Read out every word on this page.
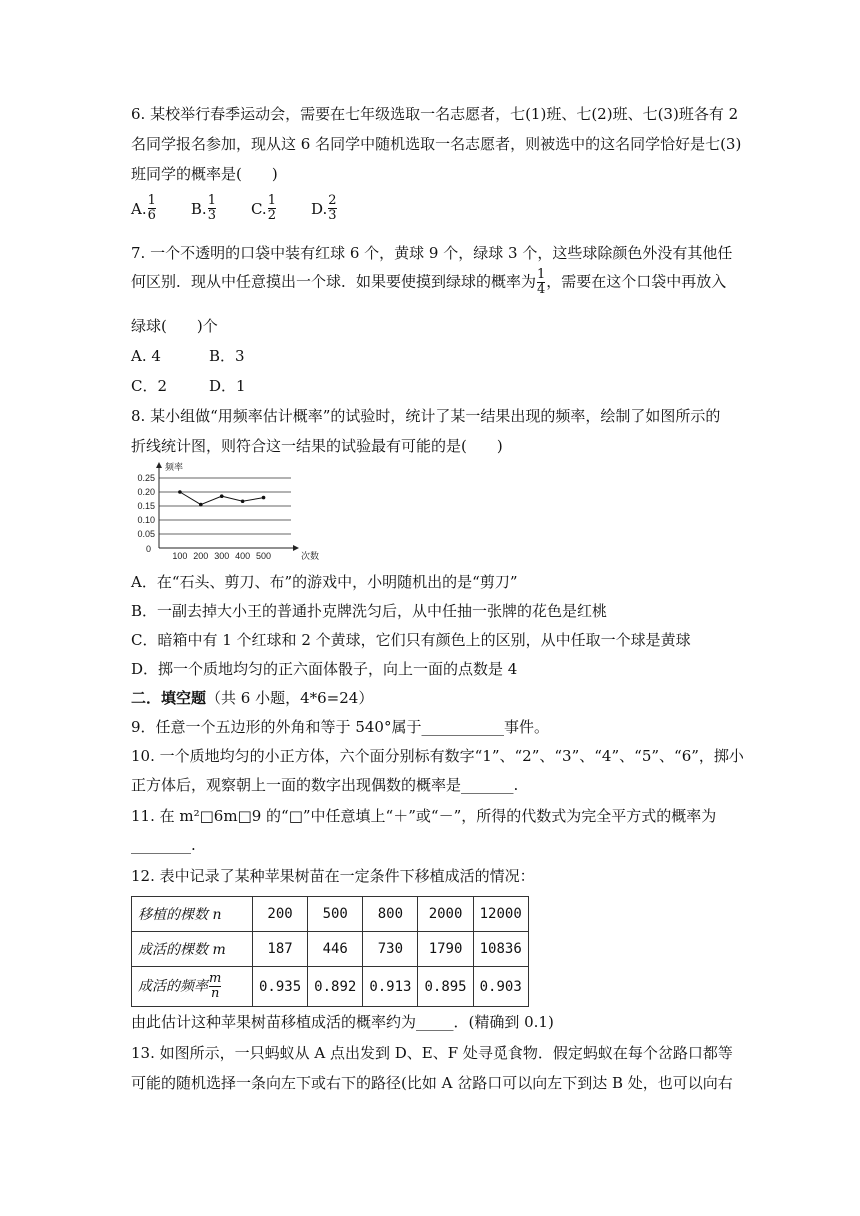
6. 某校举行春季运动会，需要在七年级选取一名志愿者，七(1)班、七(2)班、七(3)班各有 2
名同学报名参加，现从这 6 名同学中随机选取一名志愿者，则被选中的这名同学恰好是七(3)
班同学的概率是(　　)
A. $\frac{1}{6} B$. $\frac{1}{3} C$. $\frac{1}{2} D$. $\frac{2}{3}$
7. 一个不透明的口袋中装有红球 6 个，黄球 9 个，绿球 3 个，这些球除颜色外没有其他任
何区别．现从中任意摸出一个球．如果要使摸到绿球的概率为 $\frac{1}{4}$ ，需要在这个口袋中再放入
绿球(　　)个
A. 4	B．3
C．2	D．1
8. 某小组做“用频率估计概率”的试验时，统计了某一结果出现的频率，绘制了如图所示的
折线统计图，则符合这一结果的试验最有可能的是(　　)
0.25
0.20
0.15
0.10
0.05
0
100 200 300 400 500
频率
次数
A．在“石头、剪刀、布”的游戏中，小明随机出的是“剪刀”
B．一副去掉大小王的普通扑克牌洗匀后，从中任抽一张牌的花色是红桃
C．暗箱中有 1 个红球和 2 个黄球，它们只有颜色上的区别，从中任取一个球是黄球
D．掷一个质地均匀的正六面体骰子，向上一面的点数是 4
二．填空题（共 6 小题，4*6=24）
9．任意一个五边形的外角和等于 540°属于___________事件。
10. 一个质地均匀的小正方体，六个面分别标有数字“1”、“2”、“3”、“4”、“5”、“6”，掷小
正方体后，观察朝上一面的数字出现偶数的概率是_______.
11. 在 m²□6m□9 的“□”中任意填上“＋”或“－”，所得的代数式为完全平方式的概率为
________.
12. 表中记录了某种苹果树苗在一定条件下移植成活的情况：
移植的棵数 n	200	500	800	2000	12000
成活的棵数 m	187	446	730	1790	10836
成活的频率 $\frac{m}{n}$	0.935	0.892	0.913	0.895	0.903
由此估计这种苹果树苗移植成活的概率约为_____．(精确到 0.1)
13. 如图所示，一只蚂蚁从 A 点出发到 D、E、F 处寻觅食物．假定蚂蚁在每个岔路口都等
可能的随机选择一条向左下或右下的路径(比如 A 岔路口可以向左下到达 B 处，也可以向右
